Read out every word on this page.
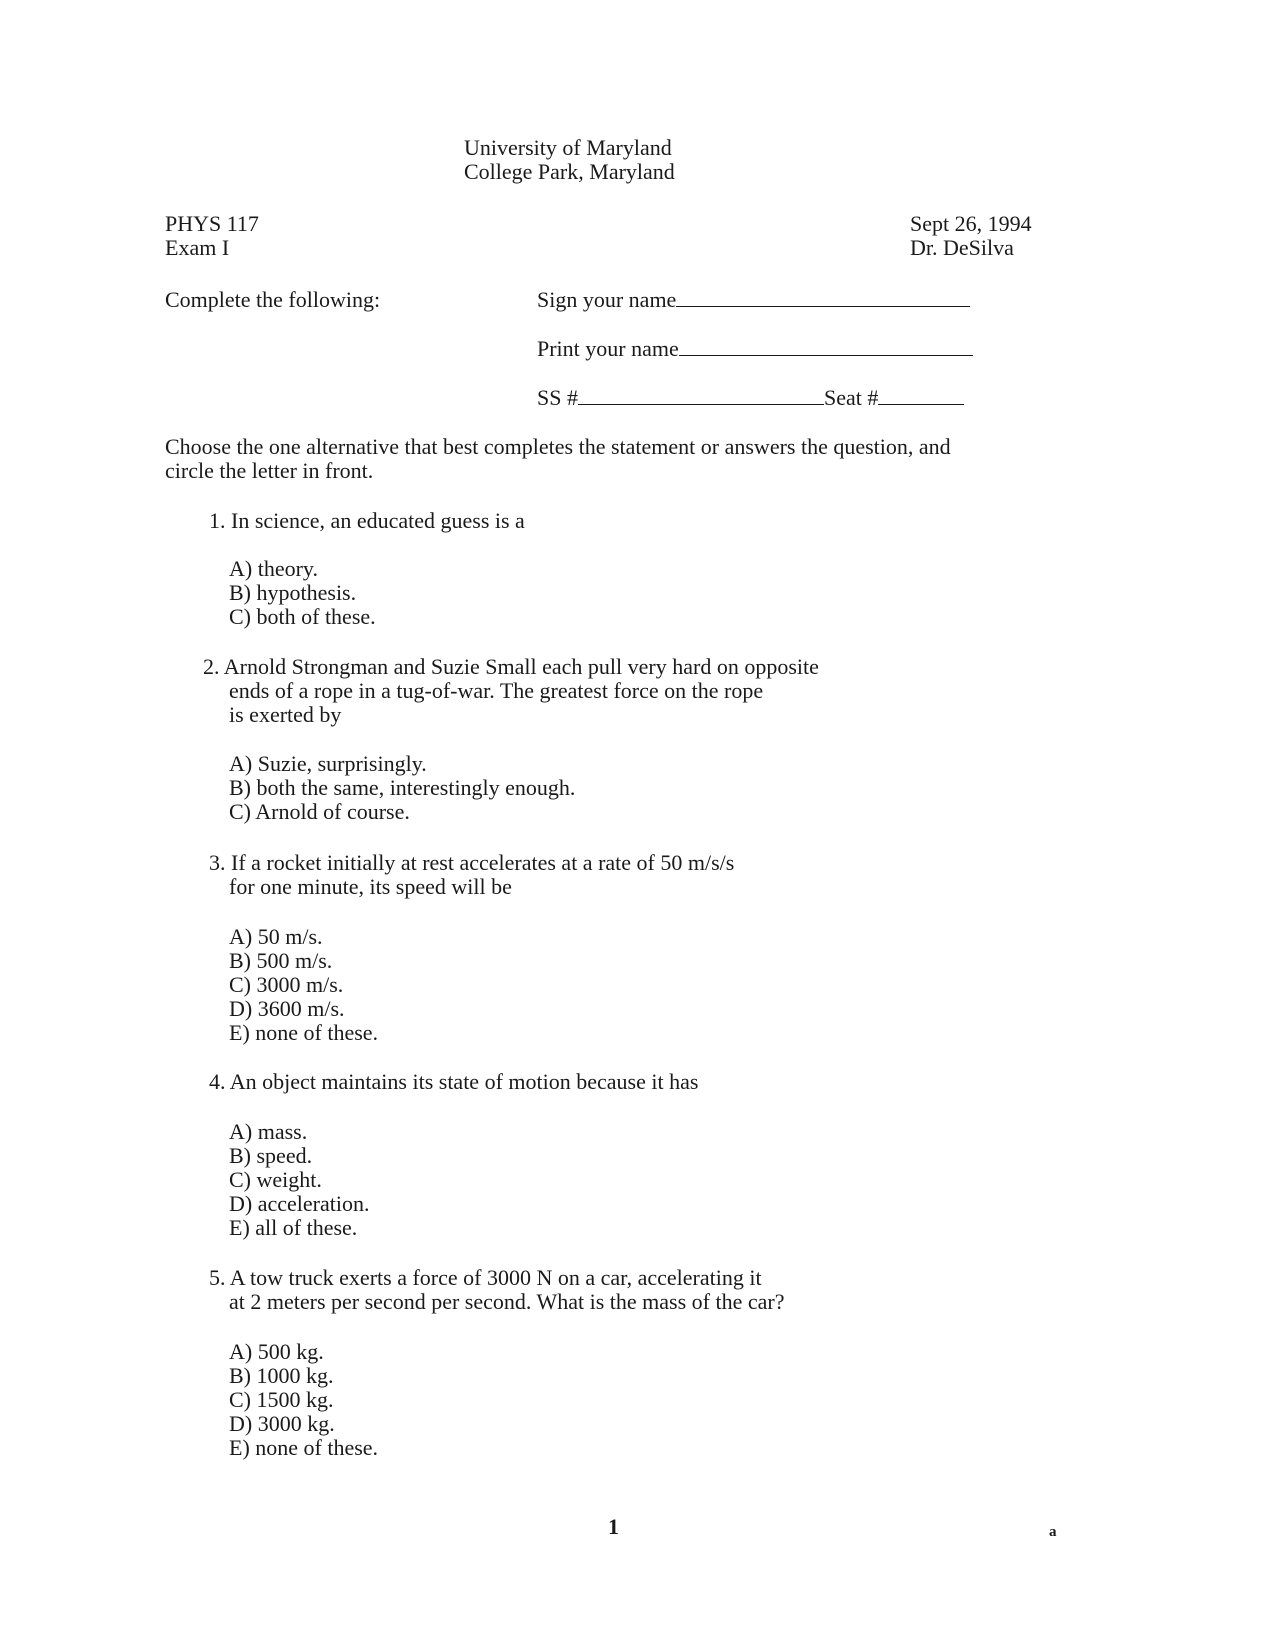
University of Maryland
College Park, Maryland
PHYS 117
Exam I
Sept 26, 1994
Dr. DeSilva
Complete the following:	Sign your name
Print your name
SS #	Seat #
Choose the one alternative that best completes the statement or answers the question, and
circle the letter in front.
1. In science, an educated guess is a
A) theory.
B) hypothesis.
C) both of these.
2. Arnold Strongman and Suzie Small each pull very hard on opposite
ends of a rope in a tug-of-war. The greatest force on the rope
is exerted by
A) Suzie, surprisingly.
B) both the same, interestingly enough.
C) Arnold of course.
3. If a rocket initially at rest accelerates at a rate of 50 m/s/s
for one minute, its speed will be
A) 50 m/s.
B) 500 m/s.
C) 3000 m/s.
D) 3600 m/s.
E) none of these.
4. An object maintains its state of motion because it has
A) mass.
B) speed.
C) weight.
D) acceleration.
E) all of these.
5. A tow truck exerts a force of 3000 N on a car, accelerating it
at 2 meters per second per second. What is the mass of the car?
A) 500 kg.
B) 1000 kg.
C) 1500 kg.
D) 3000 kg.
E) none of these.
1	a
